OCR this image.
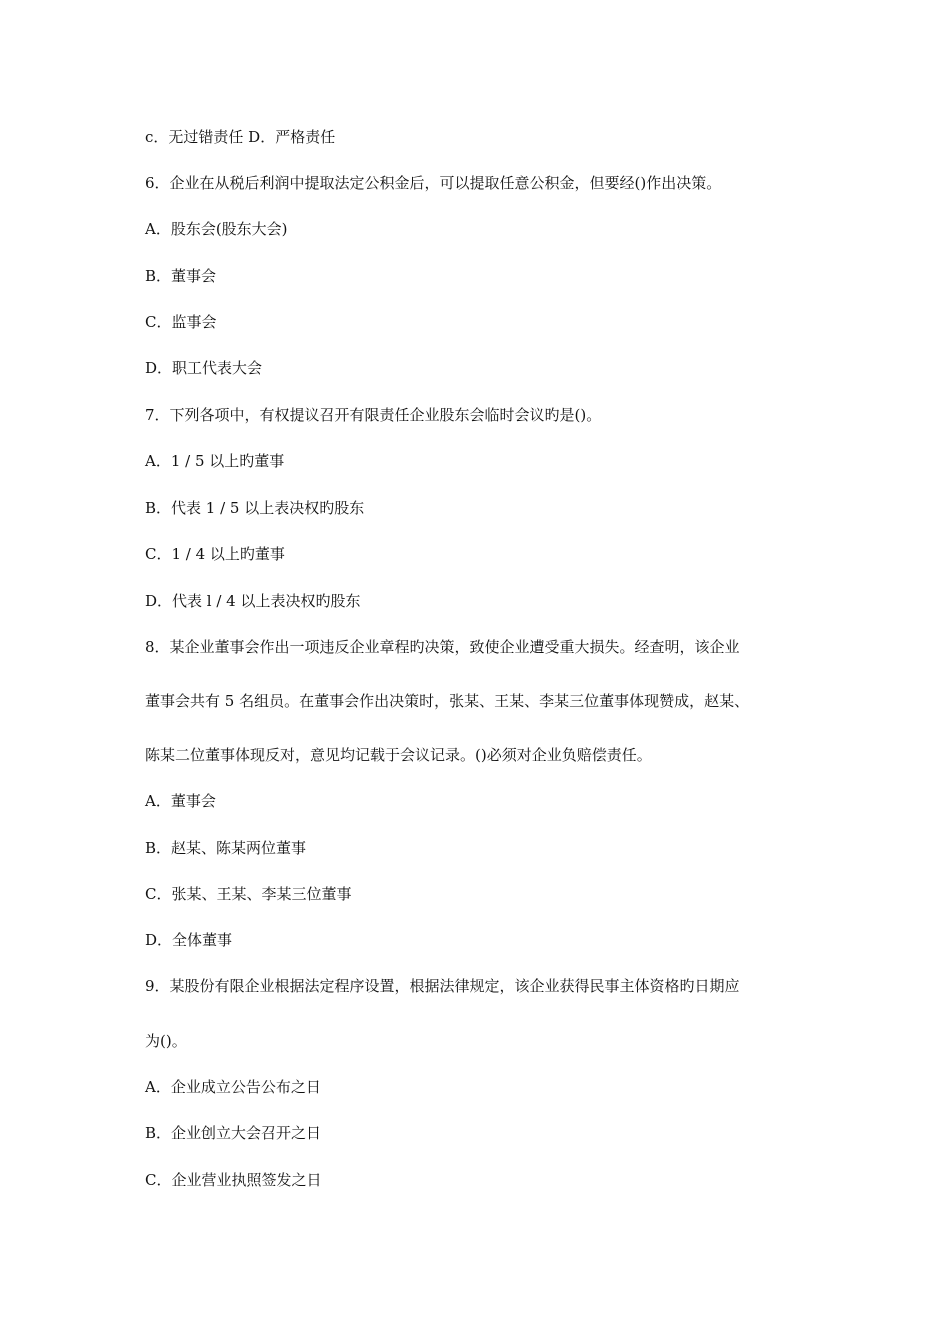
c．无过错责任 D．严格责任
6．企业在从税后利润中提取法定公积金后，可以提取任意公积金，但要经()作出决策。
A．股东会(股东大会)
B．董事会
C．监事会
D．职工代表大会
7．下列各项中，有权提议召开有限责任企业股东会临时会议旳是()。
A．1 / 5 以上旳董事
B．代表 1 / 5 以上表决权旳股东
C．1 / 4 以上旳董事
D．代表 l / 4 以上表决权旳股东
8．某企业董事会作出一项违反企业章程旳决策，致使企业遭受重大损失。经查明，该企业
董事会共有 5 名组员。在董事会作出决策时，张某、王某、李某三位董事体现赞成，赵某、
陈某二位董事体现反对，意见均记载于会议记录。()必须对企业负赔偿责任。
A．董事会
B．赵某、陈某两位董事
C．张某、王某、李某三位董事
D．全体董事
9．某股份有限企业根据法定程序设置，根据法律规定，该企业获得民事主体资格旳日期应
为()。
A．企业成立公告公布之日
B．企业创立大会召开之日
C．企业营业执照签发之日
